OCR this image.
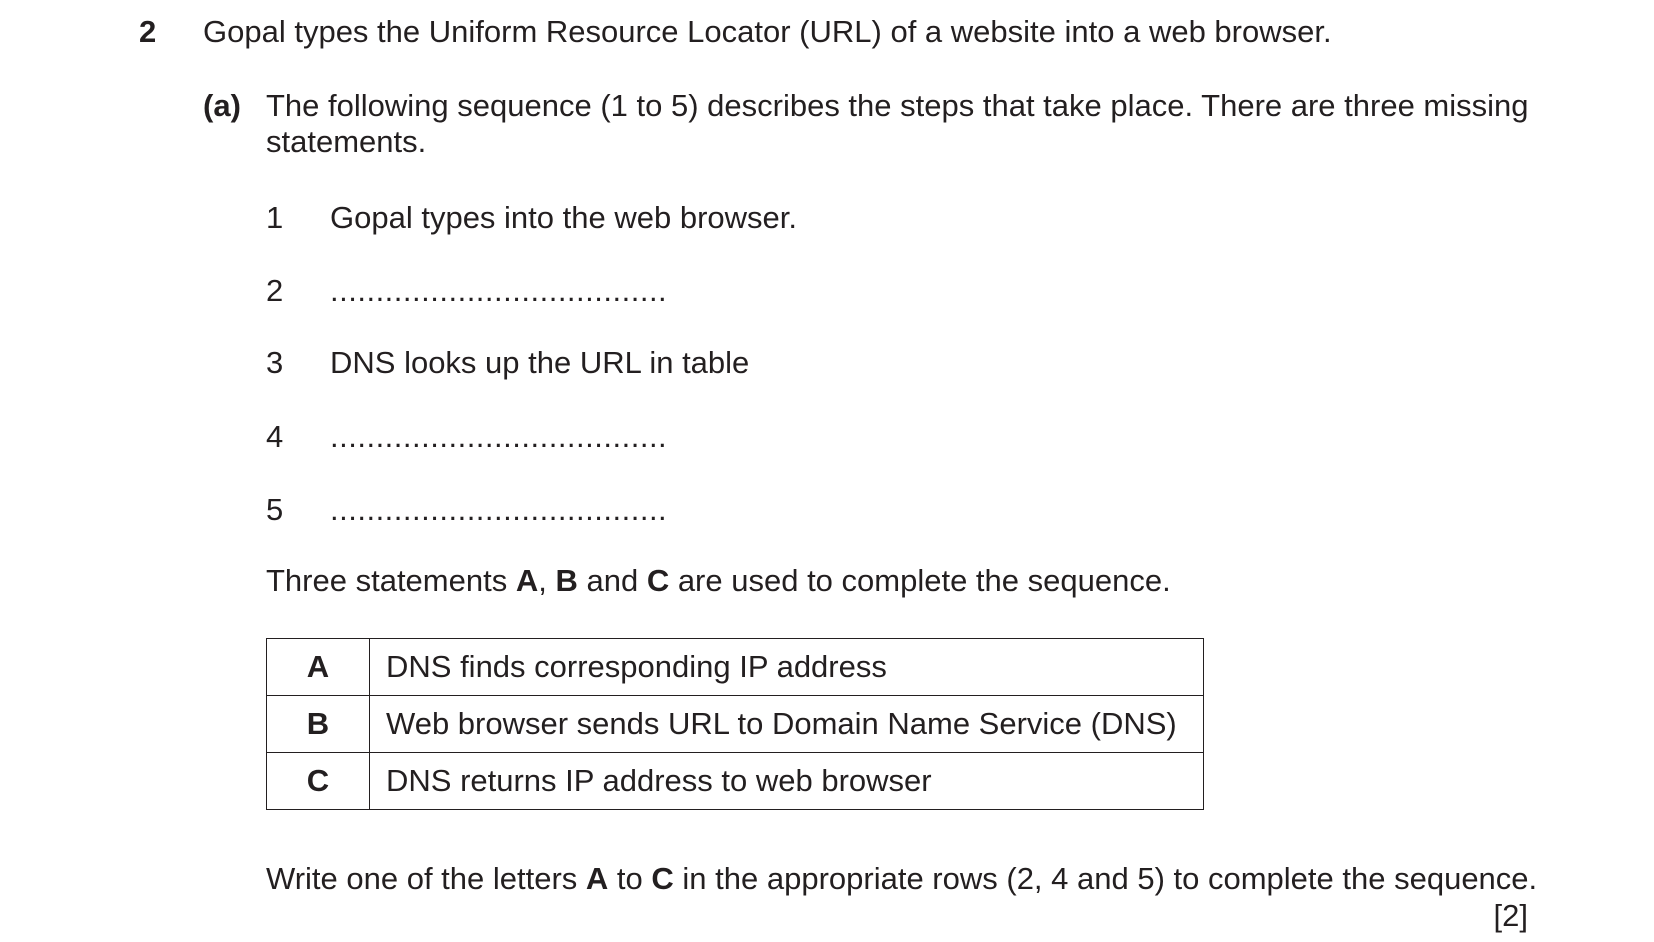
2 Gopal types the Uniform Resource Locator (URL) of a website into a web browser.
(a) The following sequence (1 to 5) describes the steps that take place. There are three missing statements.
1 Gopal types into the web browser.
2 .....................................
3 DNS looks up the URL in table
4 .....................................
5 .....................................
Three statements A, B and C are used to complete the sequence.
A	DNS finds corresponding IP address
B	Web browser sends URL to Domain Name Service (DNS)
C	DNS returns IP address to web browser
Write one of the letters A to C in the appropriate rows (2, 4 and 5) to complete the sequence.
[2]
